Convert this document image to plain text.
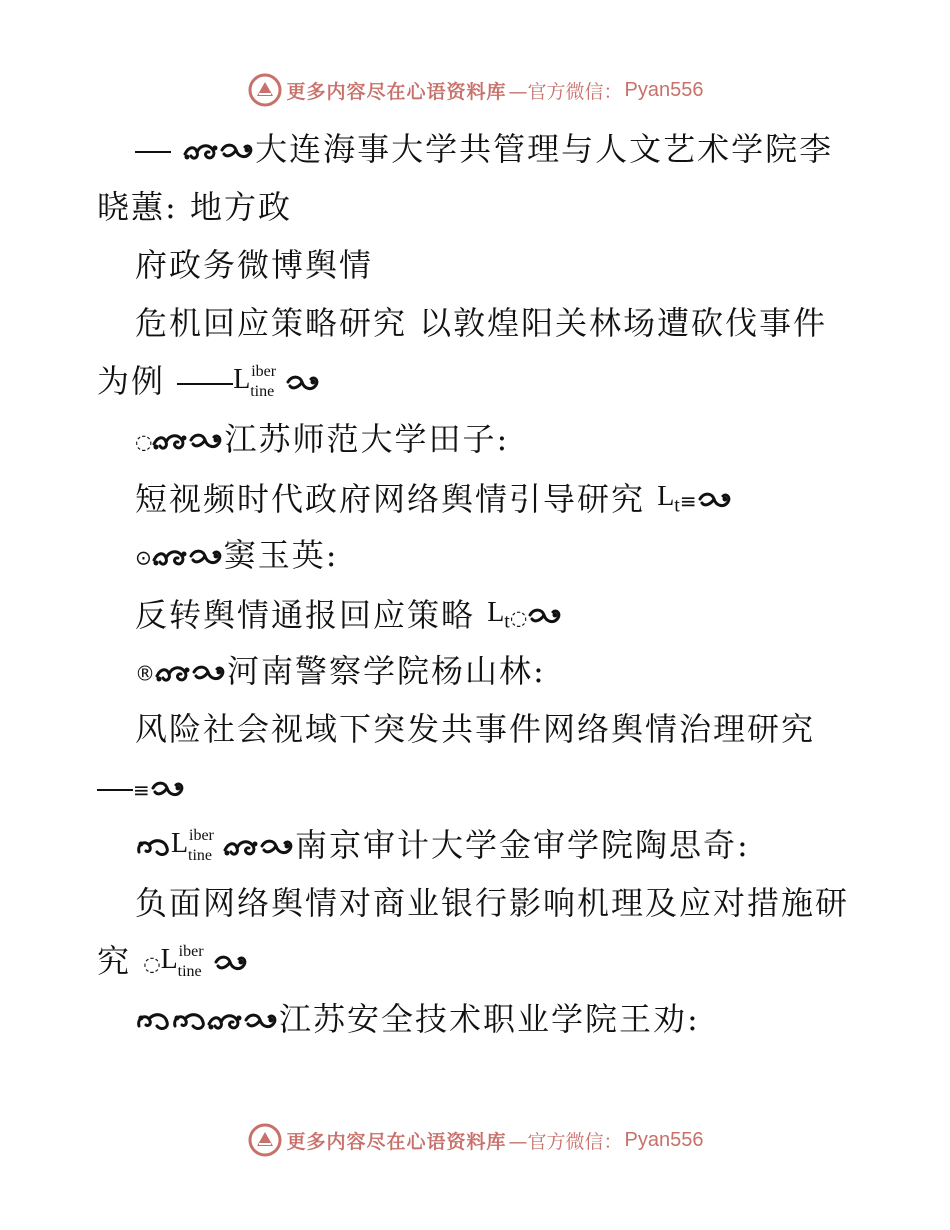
更多内容尽在心语资料库 —官方微信： Pyan556
大连海事大学共管理与人文艺术学院李
晓蕙: 地方政
府政务微博舆情
危机回应策略研究 以敦煌阳关林场遭砍伐事件
为例 L iber
tine
◌ 江苏师范大学田子:
短视频时代政府网络舆情引导研究 $L_t\equiv$
⊙ 窦玉英:
反转舆情通报回应策略 $L_t◌$
® 河南警察学院杨山林:
风险社会视域下突发共事件网络舆情治理研究
≡
L iber
tine	南京审计大学金审学院陶思奇:
负面网络舆情对商业银行影响机理及应对措施研
究 ◌ L iber
tine
江苏安全技术职业学院王劝:
更多内容尽在心语资料库 —官方微信： Pyan556
